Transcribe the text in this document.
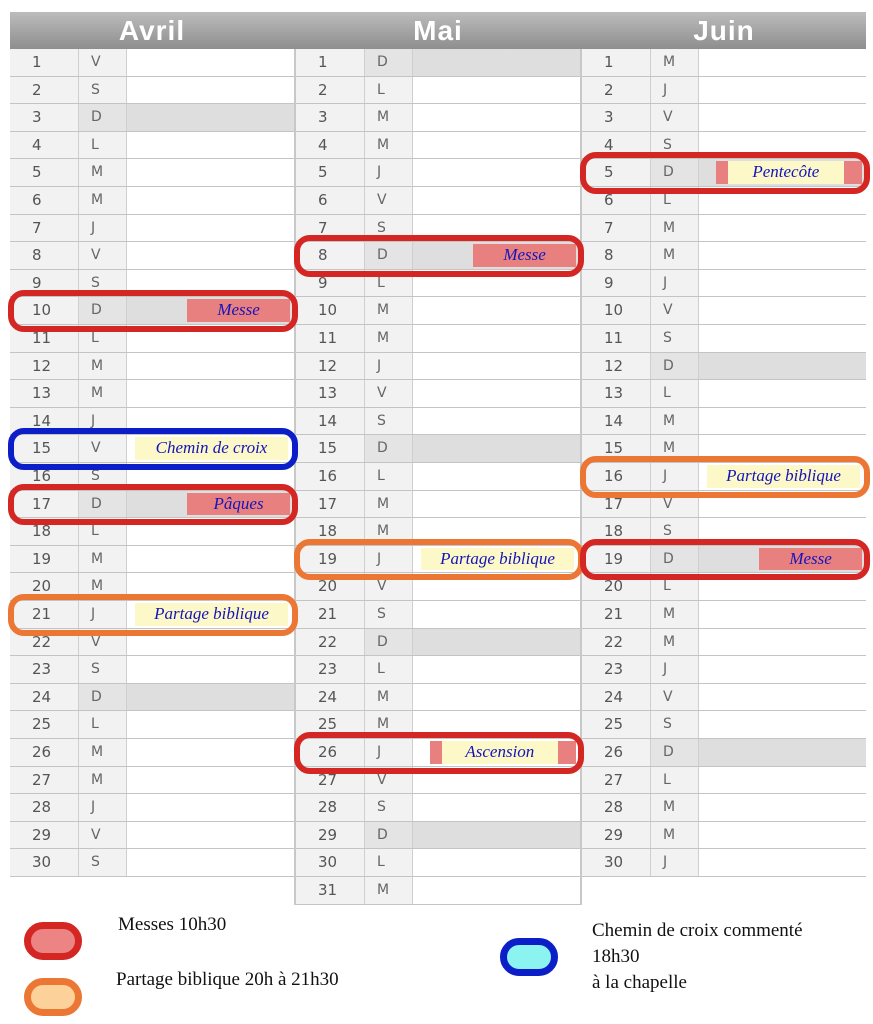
Avril	Mai	Juin
1	V
2	S
3	D
4	L
5	M
6	M
7	J
8	V
9	S
10	D	Messe
11	L
12	M
13	M
14	J
15	V	Chemin de croix
16	S
17	D	Pâques
18	L
19	M
20	M
21	J	Partage biblique
22	V
23	S
24	D
25	L
26	M
27	M
28	J
29	V
30	S
1	D
2	L
3	M
4	M
5	J
6	V
7	S
8	D	Messe
9	L
10	M
11	M
12	J
13	V
14	S
15	D
16	L
17	M
18	M
19	J	Partage biblique
20	V
21	S
22	D
23	L
24	M
25	M
26	J	Ascension
27	V
28	S
29	D
30	L
31	M
1	M
2	J
3	V
4	S
5	D	Pentecôte
6	L
7	M
8	M
9	J
10	V
11	S
12	D
13	L
14	M
15	M
16	J	Partage biblique
17	V
18	S
19	D	Messe
20	L
21	M
22	M
23	J
24	V
25	S
26	D
27	L
28	M
29	M
30	J
Messes 10h30
Partage biblique 20h à 21h30
Chemin de croix commenté
18h30
à la chapelle
